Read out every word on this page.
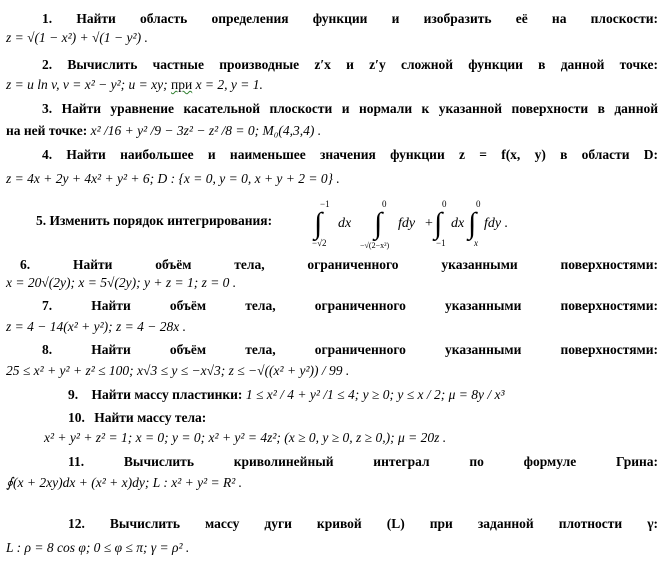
1. Найти область определения функции и изобразить её на плоскости:
z = √(1 − x²) + √(1 − y²) .
2. Вычислить частные производные z′x и z′y сложной функции в данной точке:
z = u ln v, v = x² − y²; u = xy; при x = 2, y = 1.
3. Найти уравнение касательной плоскости и нормали к указанной поверхности в данной
на ней точке: x² /16 + y² /9 − 3z² − z² /8 = 0; M₀(4,3,4) .
4. Найти наибольшее и наименьшее значения функции z = f(x, y) в области D:
z = 4x + 2y + 4x² + y² + 6; D : {x = 0, y = 0, x + y + 2 = 0} .
5. Изменить порядок интегрирования: ∫
−1
−√2
dx ∫
0
−√(2−x²)
fdy + ∫
0
−1
dx ∫
0
x
fdy .
6.	Найти объём тела, ограниченного указанными поверхностями:
x = 20√(2y); x = 5√(2y); y + z = 1; z = 0 .
7.	Найти объём тела, ограниченного указанными поверхностями:
z = 4 − 14(x² + y²); z = 4 − 28x .
8.	Найти объём тела, ограниченного указанными поверхностями:
25 ≤ x² + y² + z² ≤ 100; x√3 ≤ y ≤ −x√3; z ≤ −√((x² + y²)) / 99 .
9. Найти массу пластинки: 1 ≤ x² / 4 + y² /1 ≤ 4; y ≥ 0; y ≤ x / 2; μ = 8y / x³
10. Найти массу тела:
x² + y² + z² = 1; x = 0; y = 0; x² + y² = 4z²; (x ≥ 0, y ≥ 0, z ≥ 0,); μ = 20z .
11.	Вычислить криволинейный интеграл по формуле Грина:
∮(x + 2xy)dx + (x² + x)dy; L : x² + y² = R² .
12. Вычислить массу дуги кривой (L) при заданной плотности γ:
L : ρ = 8 cos φ; 0 ≤ φ ≤ π; γ = ρ² .
